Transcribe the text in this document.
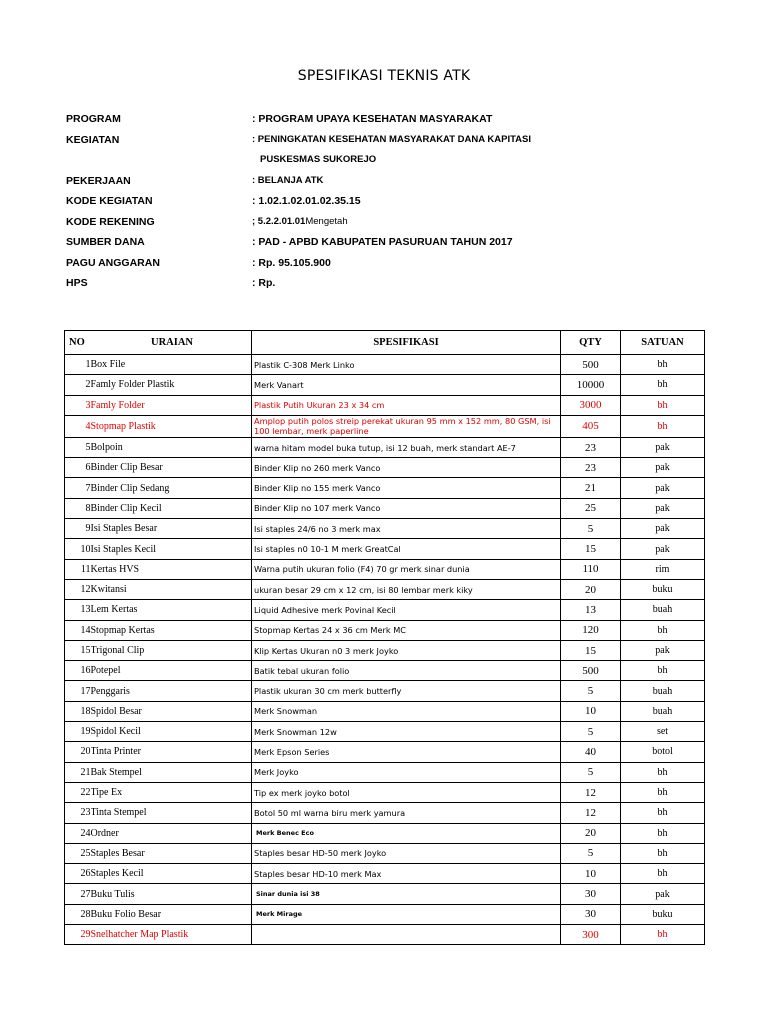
SPESIFIKASI TEKNIS ATK
PROGRAM	: PROGRAM UPAYA KESEHATAN MASYARAKAT
KEGIATAN	: PENINGKATAN KESEHATAN MASYARAKAT DANA KAPITASI
PUSKESMAS SUKOREJO
PEKERJAAN	: BELANJA ATK
KODE KEGIATAN	: 1.02.1.02.01.02.35.15
KODE REKENING	; 5.2.2.01.01Mengetah
SUMBER DANA	: PAD - APBD KABUPATEN PASURUAN TAHUN 2017
PAGU ANGGARAN	: Rp. 95.105.900
HPS	: Rp.
NO	URAIAN	SPESIFIKASI	QTY	SATUAN
1	Box File	Plastik C-308 Merk Linko	500	bh
2	Famly Folder Plastik	Merk Vanart	10000	bh
3	Famly Folder	Plastik Putih Ukuran 23 x 34 cm	3000	bh
4	Stopmap Plastik	Amplop putih polos streip perekat ukuran 95 mm x 152 mm, 80 GSM, isi 100 lembar, merk paperline	405	bh
5	Bolpoin	warna hitam model buka tutup, isi 12 buah, merk standart AE-7	23	pak
6	Binder Clip Besar	Binder Klip no 260 merk Vanco	23	pak
7	Binder Clip Sedang	Binder Klip no 155 merk Vanco	21	pak
8	Binder Clip Kecil	Binder Klip no 107 merk Vanco	25	pak
9	Isi Staples Besar	Isi staples 24/6 no 3 merk max	5	pak
10	Isi Staples Kecil	Isi staples n0 10-1 M merk GreatCal	15	pak
11	Kertas HVS	Warna putih ukuran folio (F4) 70 gr merk sinar dunia	110	rim
12	Kwitansi	ukuran besar 29 cm x 12 cm, isi 80 lembar merk kiky	20	buku
13	Lem Kertas	Liquid Adhesive merk Povinal Kecil	13	buah
14	Stopmap Kertas	Stopmap Kertas 24 x 36 cm Merk MC	120	bh
15	Trigonal Clip	Klip Kertas Ukuran n0 3 merk Joyko	15	pak
16	Potepel	Batik tebal ukuran folio	500	bh
17	Penggaris	Plastik ukuran 30 cm merk butterfly	5	buah
18	Spidol Besar	Merk Snowman	10	buah
19	Spidol Kecil	Merk Snowman 12w	5	set
20	Tinta Printer	Merk Epson Series	40	botol
21	Bak Stempel	Merk Joyko	5	bh
22	Tipe Ex	Tip ex merk joyko botol	12	bh
23	Tinta Stempel	Botol 50 ml warna biru merk yamura	12	bh
24	Ordner	Merk Benec Eco	20	bh
25	Staples Besar	Staples besar HD-50 merk Joyko	5	bh
26	Staples Kecil	Staples besar HD-10 merk Max	10	bh
27	Buku Tulis	Sinar dunia isi 38	30	pak
28	Buku Folio Besar	Merk Mirage	30	buku
29	Snelhatcher Map Plastik		300	bh
